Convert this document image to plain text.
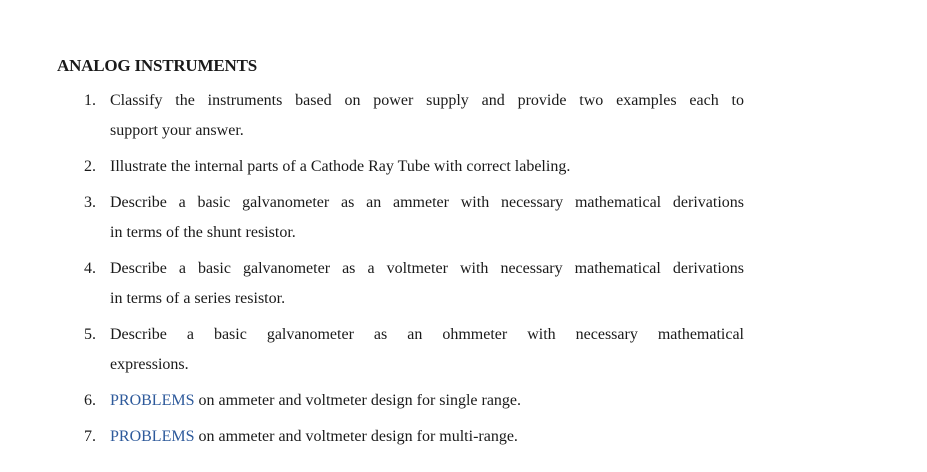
ANALOG INSTRUMENTS
1. Classify the instruments based on power supply and provide two examples each to
support your answer.
2. Illustrate the internal parts of a Cathode Ray Tube with correct labeling.
3. Describe a basic galvanometer as an ammeter with necessary mathematical derivations
in terms of the shunt resistor.
4. Describe a basic galvanometer as a voltmeter with necessary mathematical derivations
in terms of a series resistor.
5. Describe a basic galvanometer as an ohmmeter with necessary mathematical
expressions.
6. PROBLEMS on ammeter and voltmeter design for single range.
7. PROBLEMS on ammeter and voltmeter design for multi-range.
